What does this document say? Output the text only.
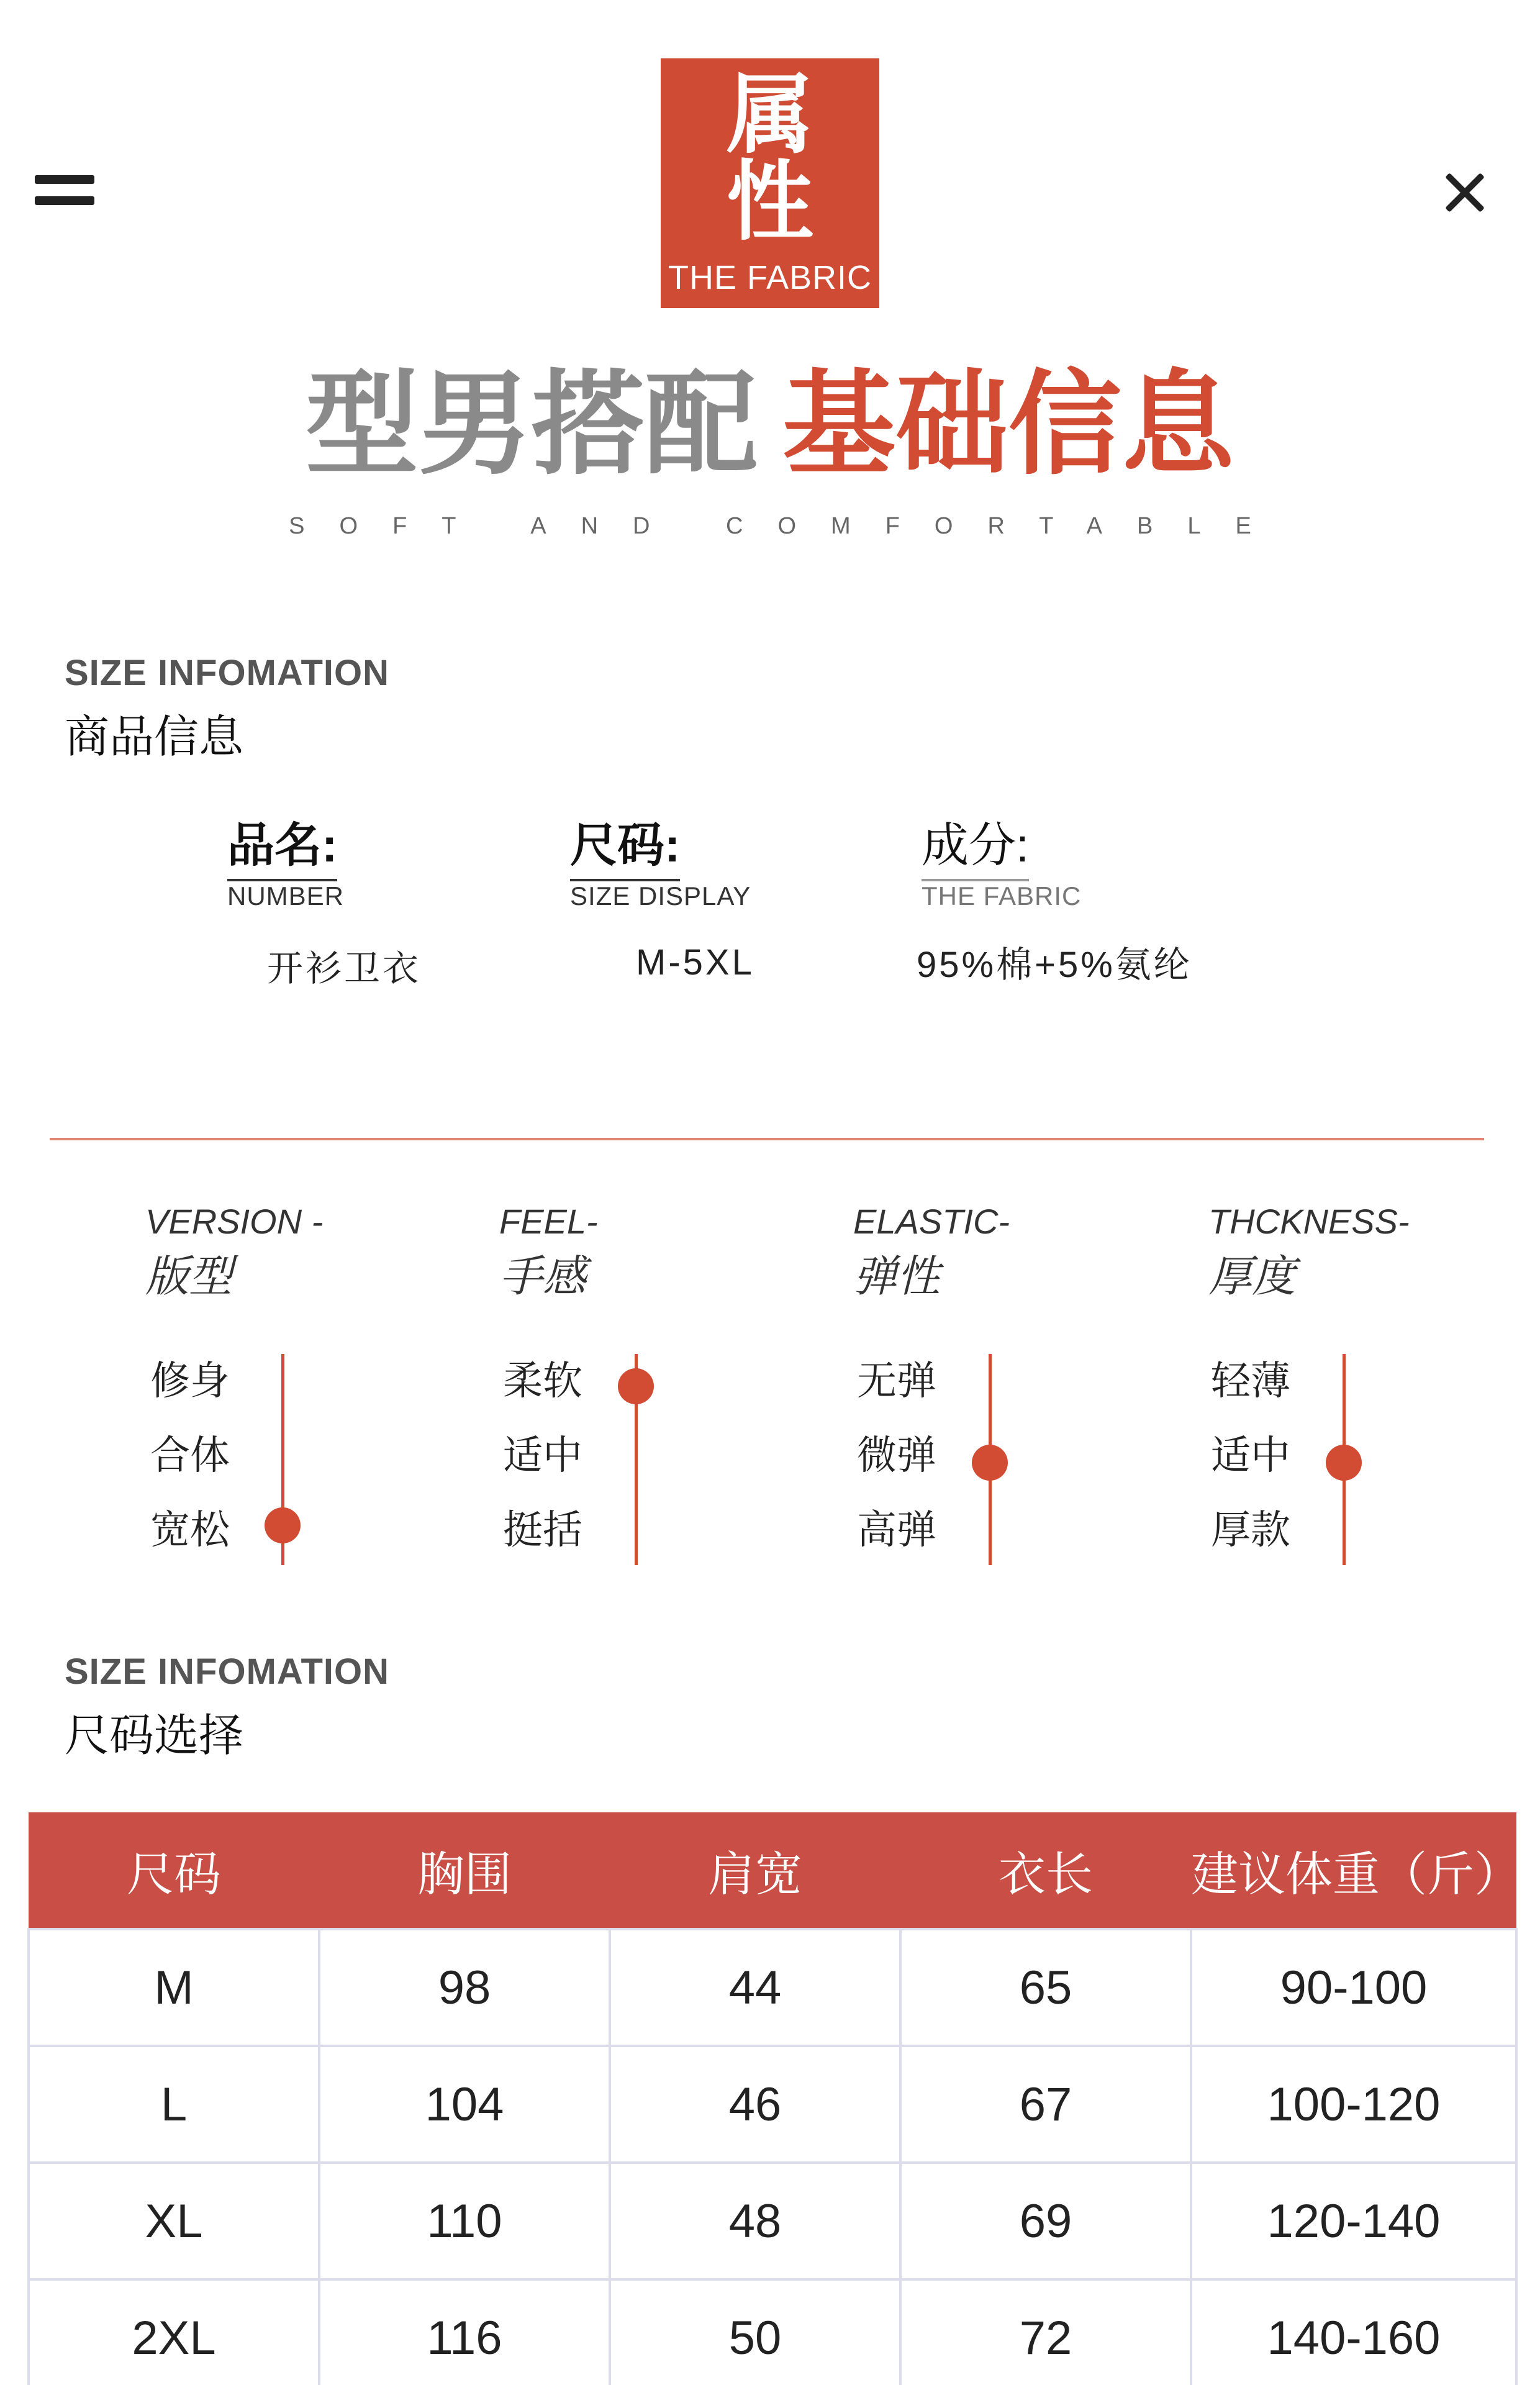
属
性
THE FABRIC
型男搭配 基础信息
SOFT AND COMFORTABLE
SIZE INFOMATION
商品信息
品名:
NUMBER
开衫卫衣
尺码:
SIZE DISPLAY
M-5XL
成分:
THE FABRIC
95%棉+5%氨纶
VERSION -
版型
修身
合体
宽松
FEEL-
手感
柔软
适中
挺括
ELASTIC-
弹性
无弹
微弹
高弹
THCKNESS-
厚度
轻薄
适中
厚款
SIZE INFOMATION
尺码选择
尺码	胸围	肩宽	衣长	建议体重（斤）
M	98	44	65	90-100
L	104	46	67	100-120
XL	110	48	69	120-140
2XL	116	50	72	140-160
